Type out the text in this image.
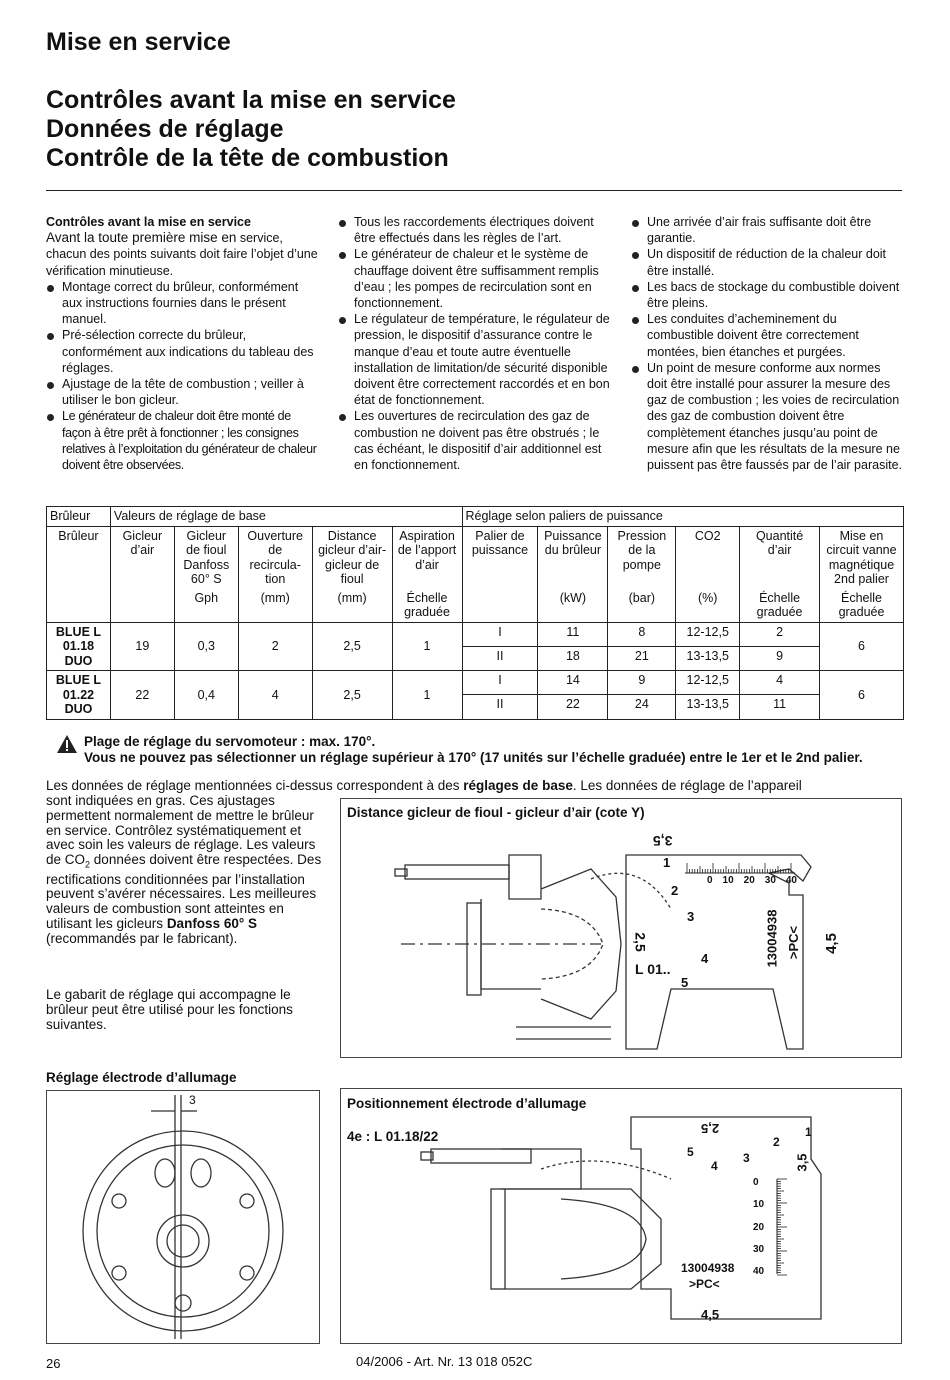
Mise en service
Contrôles avant la mise en service
Données de réglage
Contrôle de la tête de combustion
Contrôles avant la mise en service
Avant la toute première mise en service, chacun des points suivants doit faire l’objet d’une vérification minutieuse.
Montage correct du brûleur, conformément aux instructions fournies dans le présent manuel.
Pré-sélection correcte du brûleur, conformément aux indications du tableau des réglages.
Ajustage de la tête de combustion ; veiller à utiliser le bon gicleur.
Le générateur de chaleur doit être monté de façon à être prêt à fonctionner ; les consignes relatives à l’exploitation du générateur de chaleur doivent être observées.
Tous les raccordements électriques doivent être effectués dans les règles de l’art.
Le générateur de chaleur et le système de chauffage doivent être suffisamment remplis d’eau ; les pompes de recirculation sont en fonctionnement.
Le régulateur de température, le régulateur de pression, le dispositif d’assurance contre le manque d’eau et toute autre éventuelle installation de limitation/de sécurité disponible doivent être correctement raccordés et en bon état de fonctionnement.
Les ouvertures de recirculation des gaz de combustion ne doivent pas être obstrués ; le cas échéant, le dispositif d’air additionnel est en fonctionnement.
Une arrivée d’air frais suffisante doit être garantie.
Un dispositif de réduction de la chaleur doit être installé.
Les bacs de stockage du combustible doivent être pleins.
Les conduites d’acheminement du combustible doivent être correctement montées, bien étanches et purgées.
Un point de mesure conforme aux normes doit être installé pour assurer la mesure des gaz de combustion ; les voies de recirculation des gaz de combustion doivent être complètement étanches jusqu’au point de mesure afin que les résultats de la mesure ne puissent pas être faussés par de l’air parasite.
Brûleur	Valeurs de réglage de base					Réglage selon paliers de puissance					
Brûleur	Gicleur d’air	Gicleur de fioul Danfoss 60° S	Ouverture de recircula-tion	Distance gicleur d’air-gicleur de fioul	Aspiration de l’apport d’air	Palier de puissance	Puissance du brûleur	Pression de la pompe	CO2	Quantité d’air	Mise en circuit vanne magnétique 2nd palier
		Gph	(mm)	(mm)	Échelle graduée		(kW)	(bar)	(%)	Échelle graduée	Échelle graduée
BLUE L 01.18 DUO	19	0,3	2	2,5	1	I	11	8	12-12,5	2	6
						II	18	21	13-13,5	9	
BLUE L 01.22 DUO	22	0,4	4	2,5	1	I	14	9	12-12,5	4	6
						II	22	24	13-13,5	11	
Plage de réglage du servomoteur : max. 170°.
Vous ne pouvez pas sélectionner un réglage supérieur à 170° (17 unités sur l’échelle graduée) entre le 1er et le 2nd palier.
Les données de réglage mentionnées ci-dessus correspondent à des réglages de base. Les données de réglage de l’appareil
sont indiquées en gras. Ces ajustages permettent normalement de mettre le brûleur en service. Contrôlez systématiquement et avec soin les valeurs de réglage. Les valeurs de $CO_2$ données doivent être respectées. Des rectifications conditionnées par l’installation peuvent s’avérer nécessaires. Les meilleures valeurs de combustion sont atteintes en utilisant les gicleurs Danfoss 60° S (recommandés par le fabricant).
Le gabarit de réglage qui accompagne le brûleur peut être utilisé pour les fonctions suivantes.
Distance gicleur de fioul - gicleur d’air (cote Y)
3,5
2,5	4,5
L 01..
13004938 >PC<
1
2
3
4
5
0 10 20 30 40
Réglage électrode d’allumage
3	Positionnement électrode d’allumage
4e : L 01.18/22
2,5
3,5
4,5
13004938
>PC<
1
2
3
4
5
0
10
20
30
40
26	04/2006 - Art. Nr. 13 018 052C
